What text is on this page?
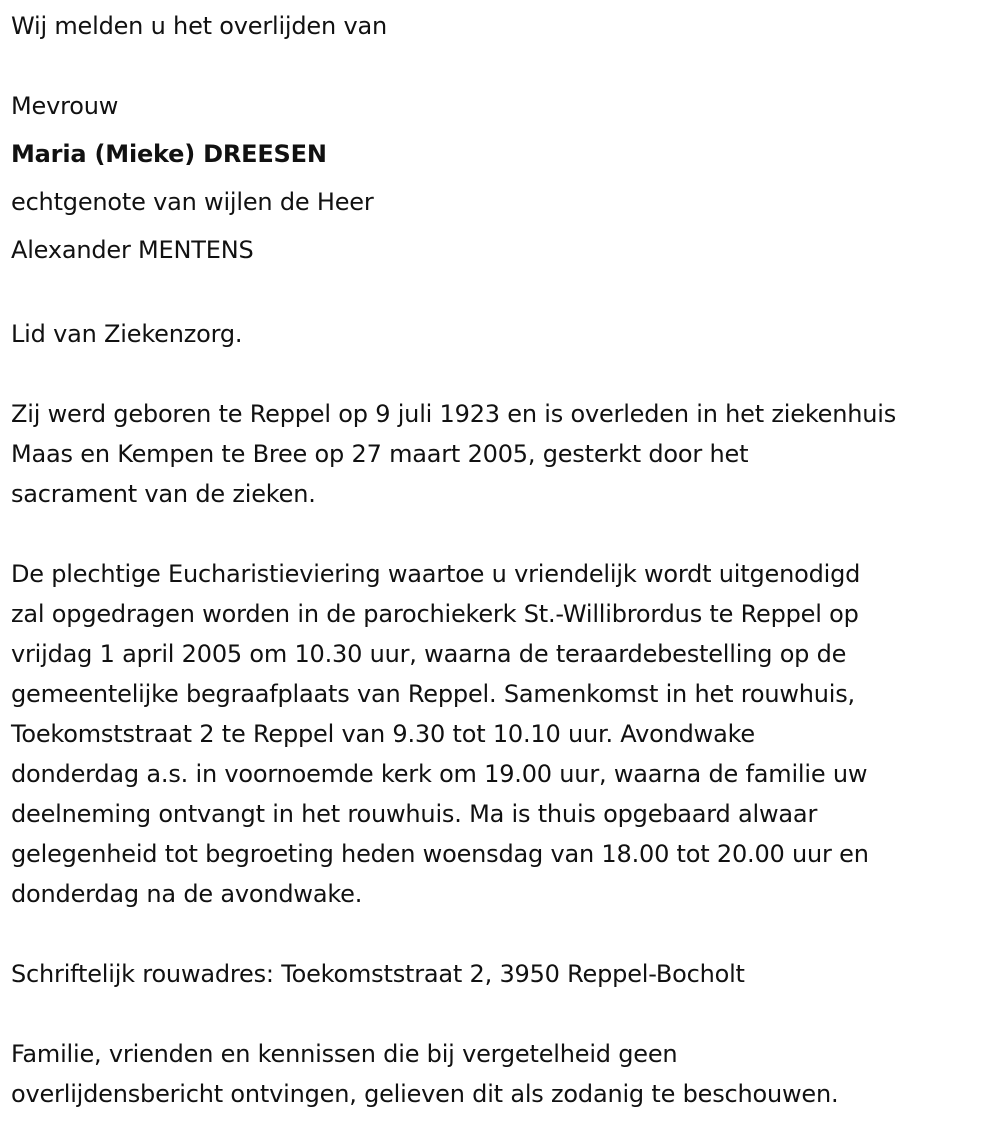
Wij melden u het overlijden van
Mevrouw
Maria (Mieke) DREESEN
echtgenote van wijlen de Heer
Alexander MENTENS
Lid van Ziekenzorg.
Zij werd geboren te Reppel op 9 juli 1923 en is overleden in het ziekenhuis
Maas en Kempen te Bree op 27 maart 2005, gesterkt door het
sacrament van de zieken.
De plechtige Eucharistieviering waartoe u vriendelijk wordt uitgenodigd
zal opgedragen worden in de parochiekerk St.-Willibrordus te Reppel op
vrijdag 1 april 2005 om 10.30 uur, waarna de teraardebestelling op de
gemeentelijke begraafplaats van Reppel. Samenkomst in het rouwhuis,
Toekomststraat 2 te Reppel van 9.30 tot 10.10 uur. Avondwake
donderdag a.s. in voornoemde kerk om 19.00 uur, waarna de familie uw
deelneming ontvangt in het rouwhuis. Ma is thuis opgebaard alwaar
gelegenheid tot begroeting heden woensdag van 18.00 tot 20.00 uur en
donderdag na de avondwake.
Schriftelijk rouwadres: Toekomststraat 2, 3950 Reppel-Bocholt
Familie, vrienden en kennissen die bij vergetelheid geen
overlijdensbericht ontvingen, gelieven dit als zodanig te beschouwen.
